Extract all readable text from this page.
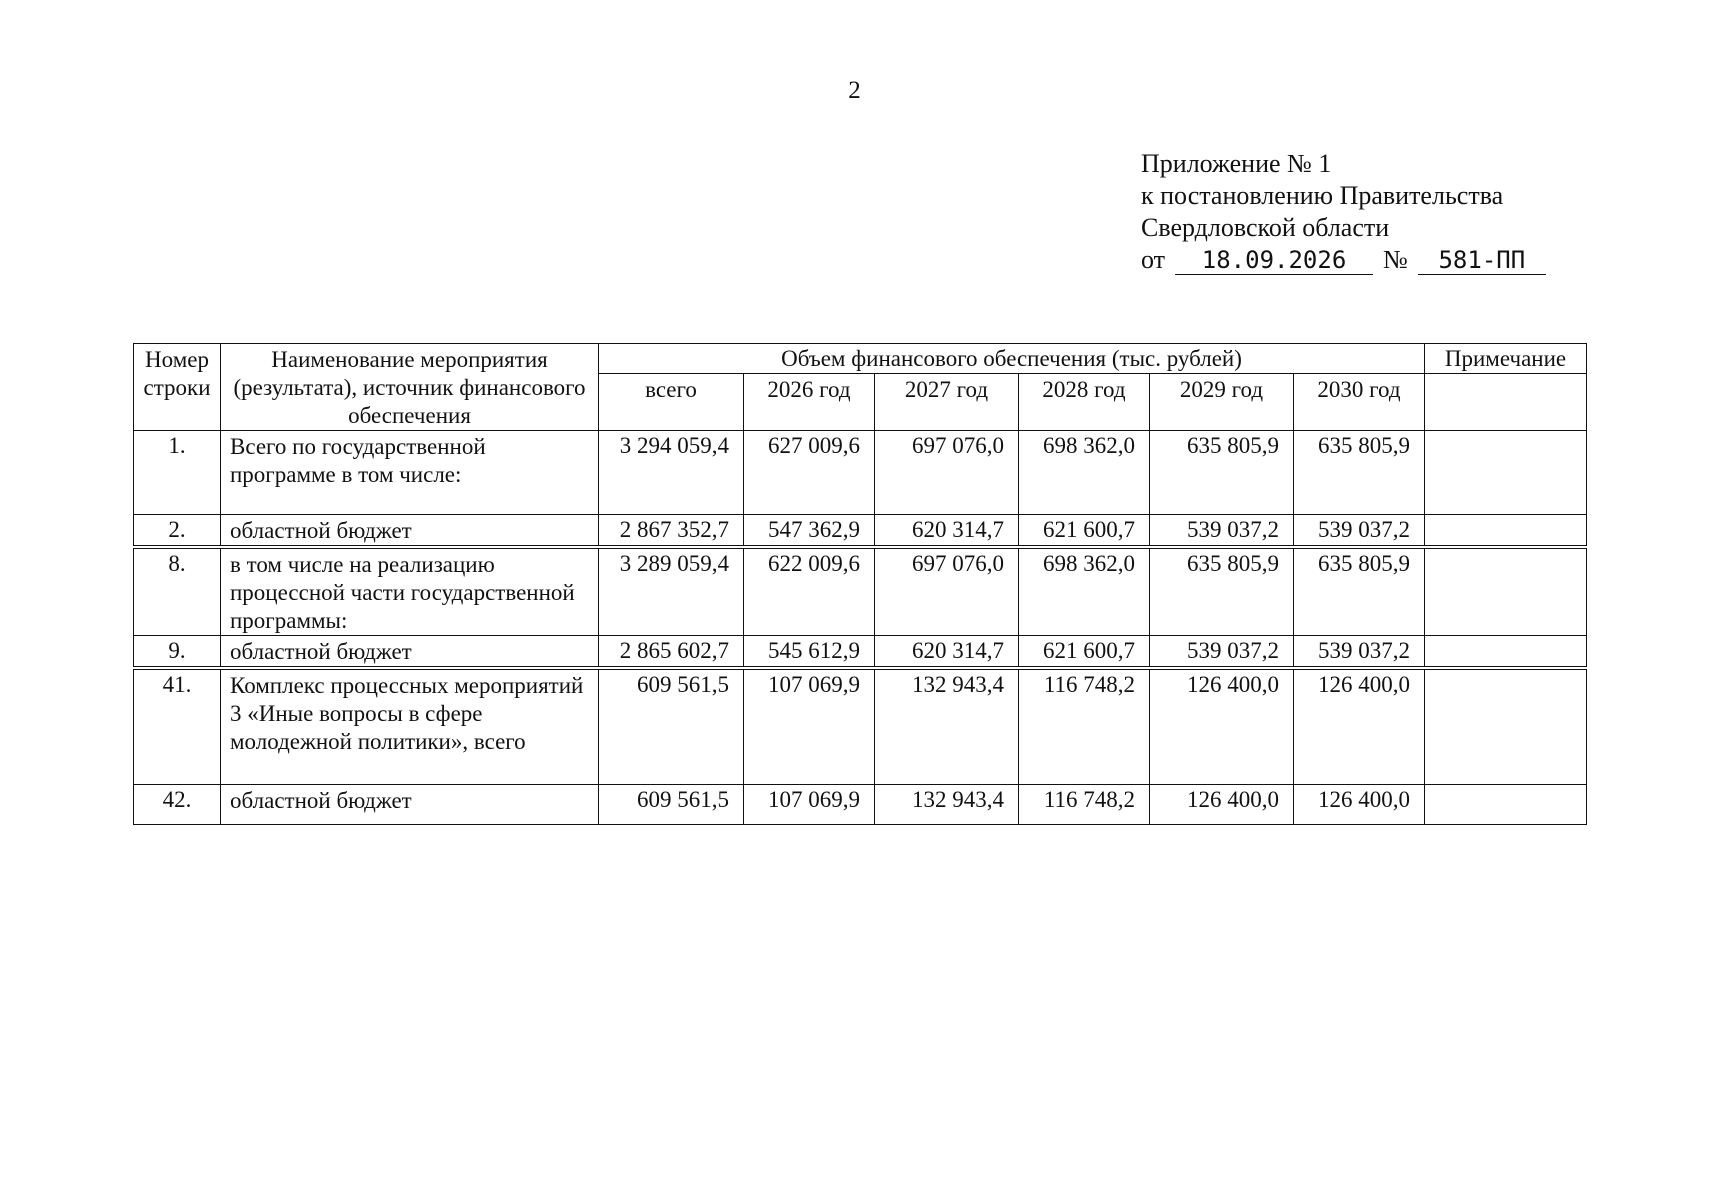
2
Приложение № 1
к постановлению Правительства
Свердловской области
от 18.09.2026 № 581-ПП
Номер строки	Наименование мероприятия (результата), источник финансового обеспечения	Объем финансового обеспечения (тыс. рублей)						Примечание
		всего	2026 год	2027 год	2028 год	2029 год	2030 год	
1.	Всего по государственной программе в том числе:	3 294 059,4	627 009,6	697 076,0	698 362,0	635 805,9	635 805,9	
2.	областной бюджет	2 867 352,7	547 362,9	620 314,7	621 600,7	539 037,2	539 037,2	

8.	в том числе на реализацию процессной части государственной программы:	3 289 059,4	622 009,6	697 076,0	698 362,0	635 805,9	635 805,9	
9.	областной бюджет	2 865 602,7	545 612,9	620 314,7	621 600,7	539 037,2	539 037,2	

41.	Комплекс процессных мероприятий 3 «Иные вопросы в сфере молодежной политики», всего	609 561,5	107 069,9	132 943,4	116 748,2	126 400,0	126 400,0	
42.	областной бюджет	609 561,5	107 069,9	132 943,4	116 748,2	126 400,0	126 400,0	
